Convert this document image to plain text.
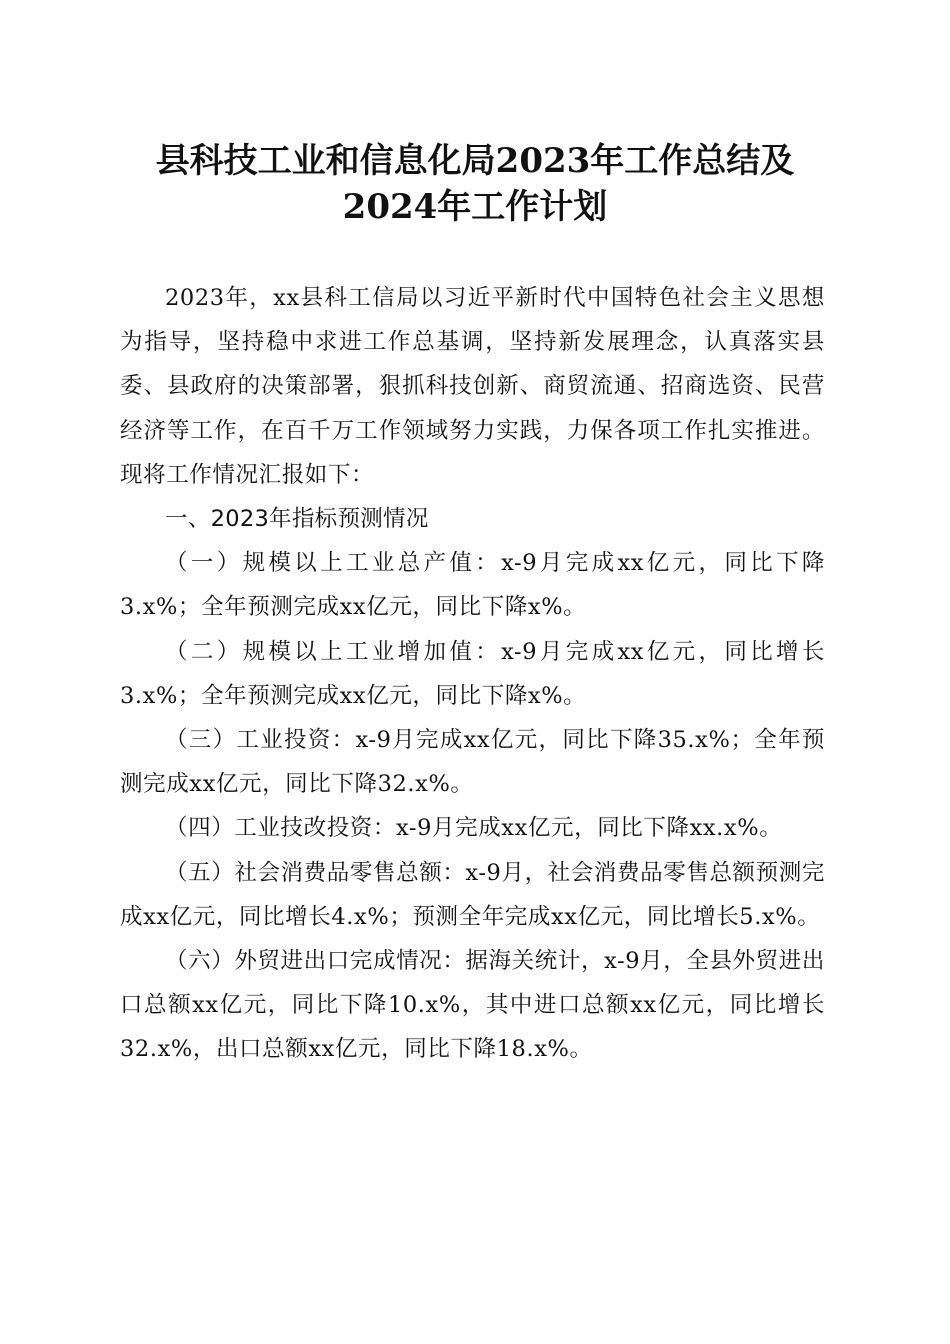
县科技工业和信息化局2023年工作总结及
2024年工作计划

2023年，xx县科工信局以习近平新时代中国特色社会主义思想为指导，坚持稳中求进工作总基调，坚持新发展理念，认真落实县委、县政府的决策部署，狠抓科技创新、商贸流通、招商选资、民营经济等工作，在百千万工作领域努力实践，力保各项工作扎实推进。现将工作情况汇报如下：

一、2023年指标预测情况

（一）规模以上工业总产值：x-9月完成xx亿元，同比下降3.x%；全年预测完成xx亿元，同比下降x%。

（二）规模以上工业增加值：x-9月完成xx亿元，同比增长3.x%；全年预测完成xx亿元，同比下降x%。

（三）工业投资：x-9月完成xx亿元，同比下降35.x%；全年预测完成xx亿元，同比下降32.x%。

（四）工业技改投资：x-9月完成xx亿元，同比下降xx.x%。

（五）社会消费品零售总额：x-9月，社会消费品零售总额预测完成xx亿元，同比增长4.x%；预测全年完成xx亿元，同比增长5.x%。

（六）外贸进出口完成情况：据海关统计，x-9月，全县外贸进出口总额xx亿元，同比下降10.x%，其中进口总额xx亿元，同比增长32.x%，出口总额xx亿元，同比下降18.x%。
